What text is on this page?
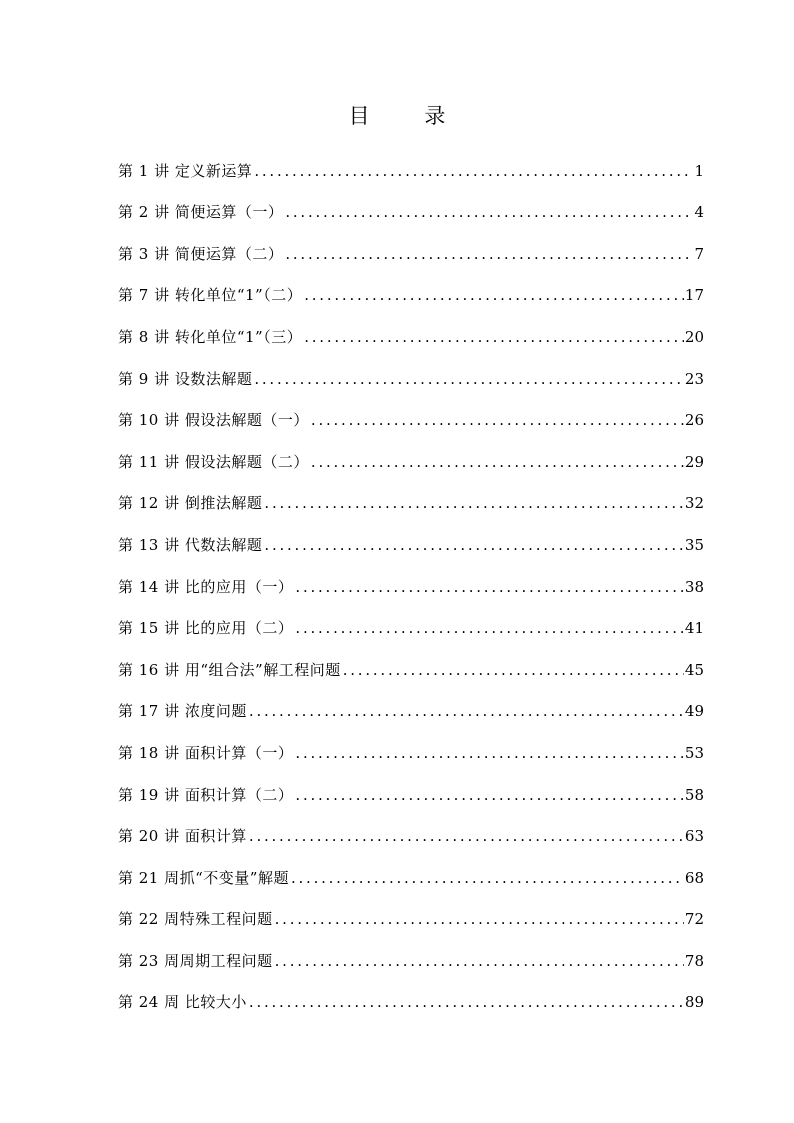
目 录
第 1 讲 定义新运算 . . .	1
第 2 讲 简便运算（一） . . .	4
第 3 讲 简便运算（二） . . .	7
第 7 讲 转化单位“1”（二） . . .	17
第 8 讲 转化单位“1”（三） . . .	20
第 9 讲 设数法解题 . . .	23
第 10 讲 假设法解题（一） . . .	26
第 11 讲 假设法解题（二） . . .	29
第 12 讲 倒推法解题 . . .	32
第 13 讲 代数法解题 . . .	35
第 14 讲 比的应用（一） . . .	38
第 15 讲 比的应用（二） . . .	41
第 16 讲 用“组合法”解工程问题 . . .	45
第 17 讲 浓度问题 . . .	49
第 18 讲 面积计算（一） . . .	53
第 19 讲 面积计算（二） . . .	58
第 20 讲 面积计算 . . .	63
第 21 周抓“不变量”解题 . . .	68
第 22 周特殊工程问题 . . .	72
第 23 周周期工程问题 . . .	78
第 24 周 比较大小 . . .	89
